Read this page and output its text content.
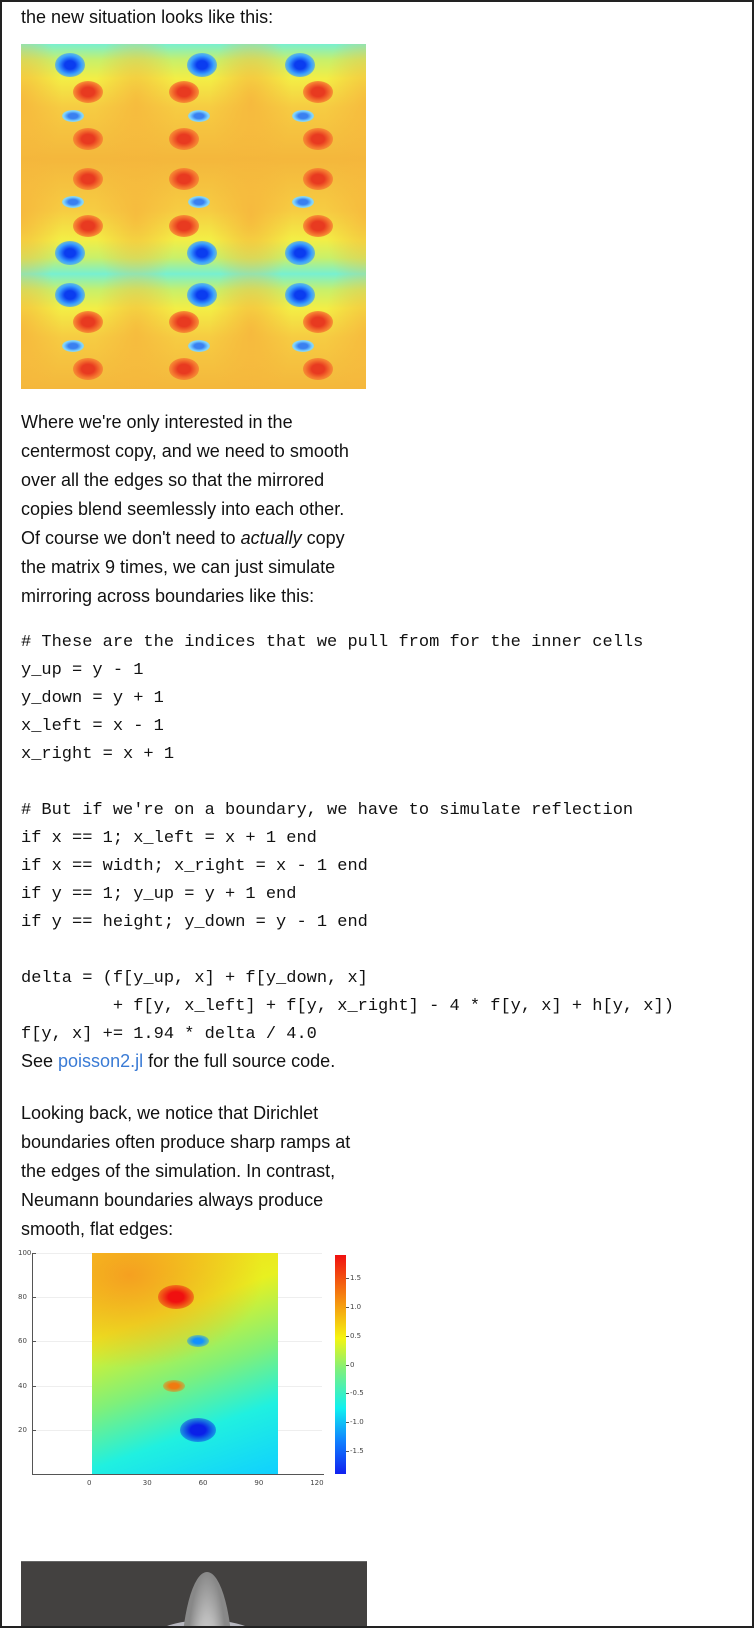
the new situation looks like this:

Where we're only interested in the
centermost copy, and we need to smooth
over all the edges so that the mirrored
copies blend seemlessly into each other.
Of course we don't need to actually copy
the matrix 9 times, we can just simulate
mirroring across boundaries like this:
# These are the indices that we pull from for the inner cells
y_up = y - 1
y_down = y + 1
x_left = x - 1
x_right = x + 1

# But if we're on a boundary, we have to simulate reflection
if x == 1; x_left = x + 1 end
if x == width; x_right = x - 1 end
if y == 1; y_up = y + 1 end
if y == height; y_down = y - 1 end

delta = (f[y_up, x] + f[y_down, x]
+ f[y, x_left] + f[y, x_right] - 4 * f[y, x] + h[y, x])
f[y, x] += 1.94 * delta / 4.0

See poisson2.jl for the full source code.

Looking back, we notice that Dirichlet
boundaries often produce sharp ramps at
the edges of the simulation. In contrast,
Neumann boundaries always produce
smooth, flat edges:
20
40
60
80
100
0	30	60	90	120
1.5
1.0
0.5
0
-0.5
-1.0
-1.5
